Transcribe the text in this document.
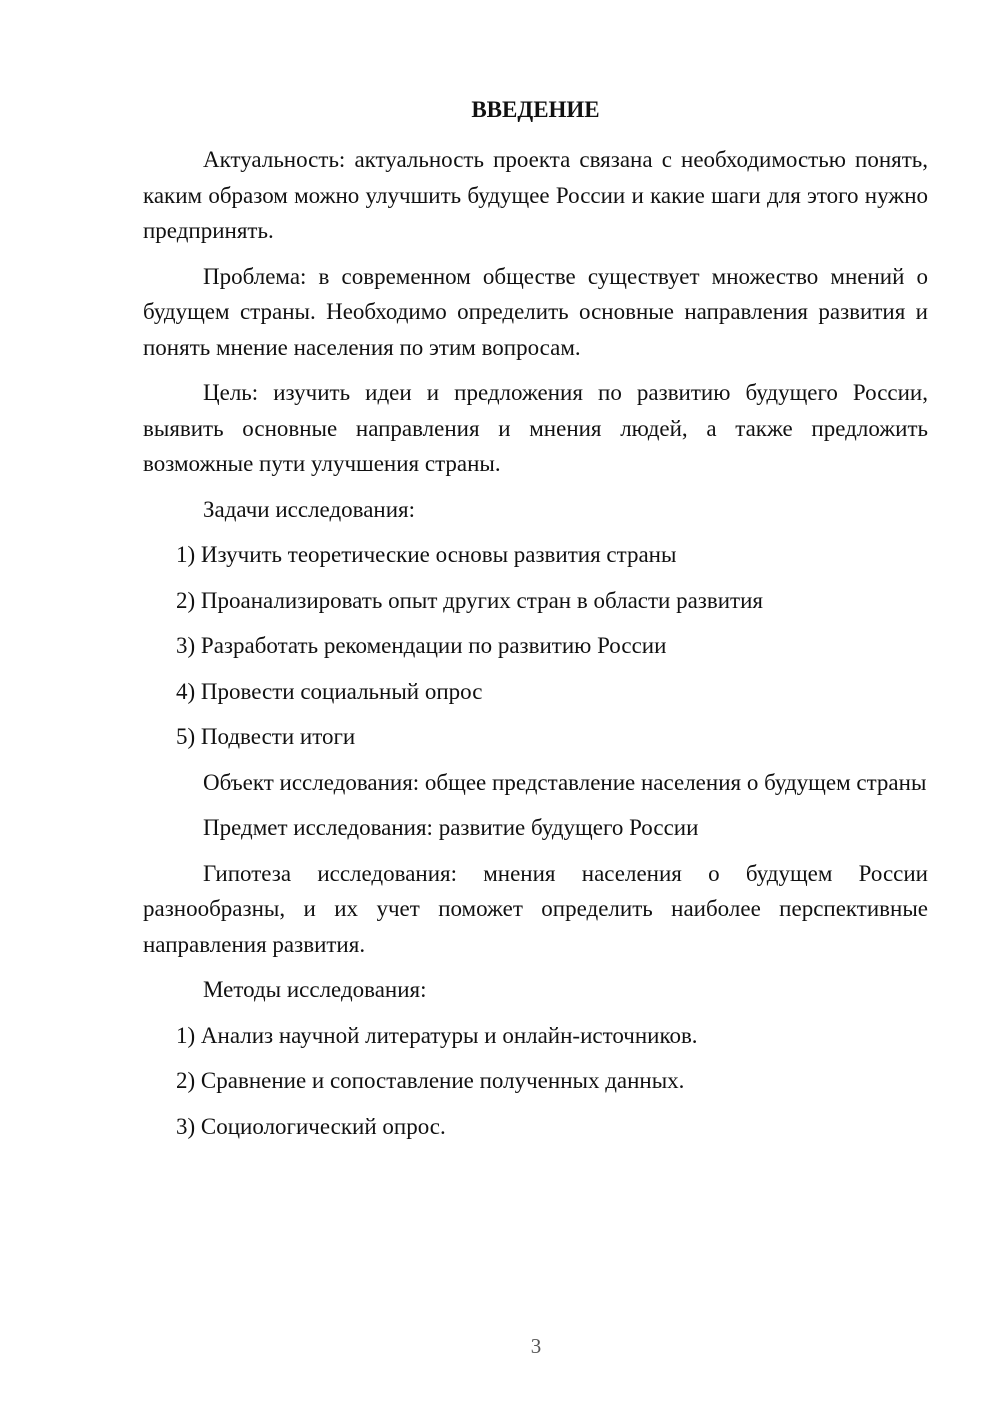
ВВЕДЕНИЕ

Актуальность: актуальность проекта связана с необходимостью понять, каким образом можно улучшить будущее России и какие шаги для этого нужно предпринять.

Проблема: в современном обществе существует множество мнений о будущем страны. Необходимо определить основные направления развития и понять мнение населения по этим вопросам.

Цель: изучить идеи и предложения по развитию будущего России, выявить основные направления и мнения людей, а также предложить возможные пути улучшения страны.

Задачи исследования:

1) Изучить теоретические основы развития страны
2) Проанализировать опыт других стран в области развития
3) Разработать рекомендации по развитию России
4) Провести социальный опрос
5) Подвести итоги

Объект исследования: общее представление населения о будущем страны

Предмет исследования: развитие будущего России

Гипотеза исследования: мнения населения о будущем России разнообразны, и их учет поможет определить наиболее перспективные направления развития.

Методы исследования:

1) Анализ научной литературы и онлайн-источников.
2) Сравнение и сопоставление полученных данных.
3) Социологический опрос.
3
